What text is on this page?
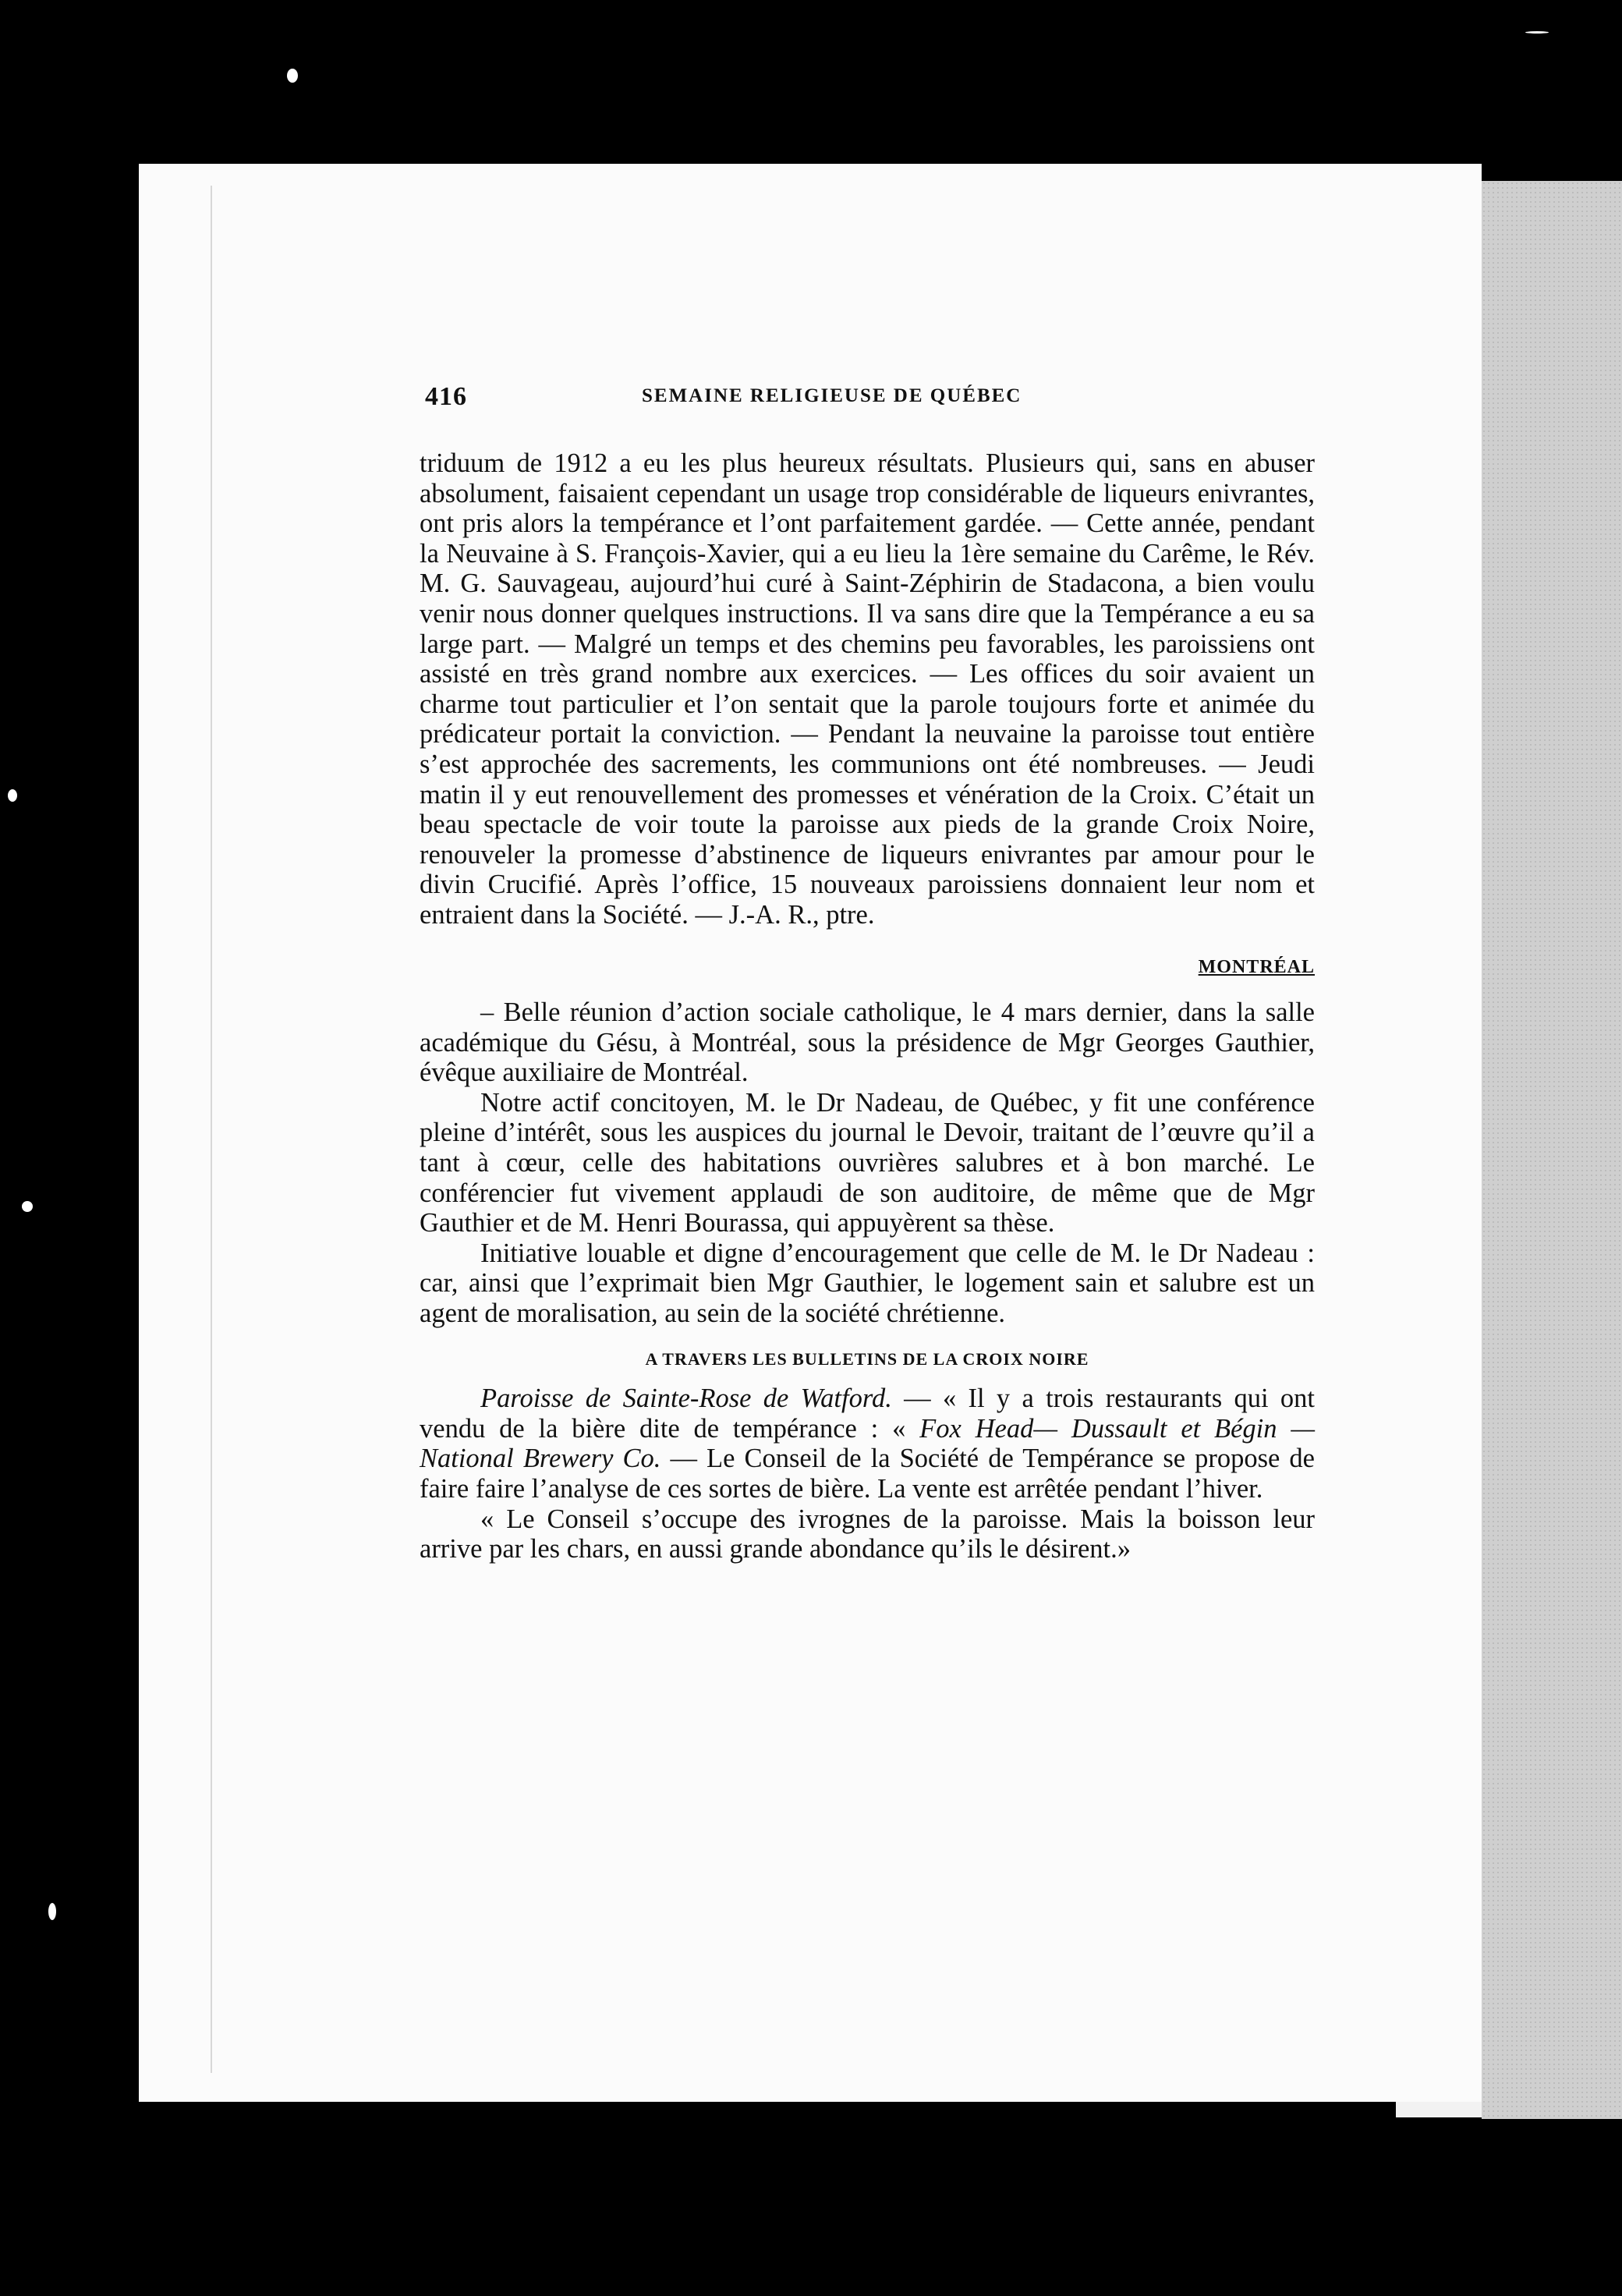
416	SEMAINE RELIGIEUSE DE QUÉBEC

triduum de 1912 a eu les plus heureux résultats. Plusieurs qui, sans en abuser absolument, faisaient cependant un usage trop considérable de liqueurs enivrantes, ont pris alors la tempérance et l’ont parfaitement gardée. — Cette année, pendant la Neuvaine à S. François-Xavier, qui a eu lieu la 1ère semaine du Carême, le Rév. M. G. Sauvageau, aujourd’hui curé à Saint-Zéphirin de Stadacona, a bien voulu venir nous donner quelques instructions. Il va sans dire que la Tempérance a eu sa large part. — Malgré un temps et des chemins peu favorables, les paroissiens ont assisté en très grand nombre aux exercices. — Les offices du soir avaient un charme tout particulier et l’on sentait que la parole toujours forte et animée du prédicateur portait la conviction. — Pendant la neuvaine la paroisse tout entière s’est approchée des sacrements, les communions ont été nombreuses. — Jeudi matin il y eut renouvellement des promesses et vénération de la Croix. C’était un beau spectacle de voir toute la paroisse aux pieds de la grande Croix Noire, renouveler la promesse d’abstinence de liqueurs enivrantes par amour pour le divin Crucifié. Après l’office, 15 nouveaux paroissiens donnaient leur nom et entraient dans la Société. — J.-A. R., ptre.

MONTRÉAL

– Belle réunion d’action sociale catholique, le 4 mars dernier, dans la salle académique du Gésu, à Montréal, sous la présidence de Mgr Georges Gauthier, évêque auxiliaire de Montréal.

Notre actif concitoyen, M. le Dr Nadeau, de Québec, y fit une conférence pleine d’intérêt, sous les auspices du journal le Devoir, traitant de l’œuvre qu’il a tant à cœur, celle des habitations ouvrières salubres et à bon marché. Le conférencier fut vivement applaudi de son auditoire, de même que de Mgr Gauthier et de M. Henri Bourassa, qui appuyèrent sa thèse.

Initiative louable et digne d’encouragement que celle de M. le Dr Nadeau : car, ainsi que l’exprimait bien Mgr Gauthier, le logement sain et salubre est un agent de moralisation, au sein de la société chrétienne.

A TRAVERS LES BULLETINS DE LA CROIX NOIRE

Paroisse de Sainte-Rose de Watford. — « Il y a trois restaurants qui ont vendu de la bière dite de tempérance : « Fox Head— Dussault et Bégin — National Brewery Co. — Le Conseil de la Société de Tempérance se propose de faire faire l’analyse de ces sortes de bière. La vente est arrêtée pendant l’hiver.

« Le Conseil s’occupe des ivrognes de la paroisse. Mais la boisson leur arrive par les chars, en aussi grande abondance qu’ils le désirent.»
